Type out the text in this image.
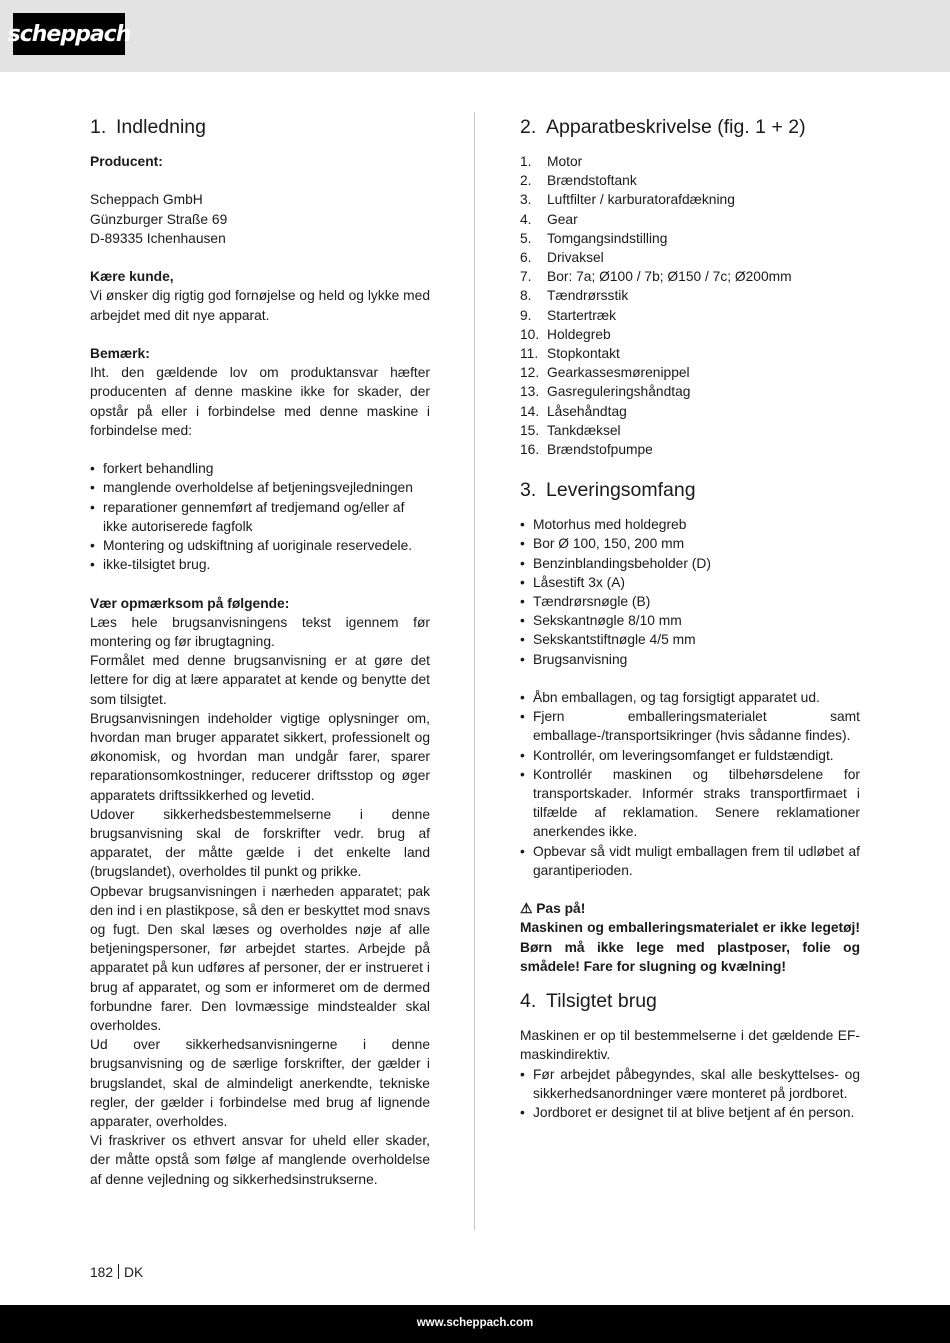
scheppach
1. Indledning

Producent:

Scheppach GmbH

Günzburger Straße 69

D-89335 Ichenhausen

Kære kunde,

Vi ønsker dig rigtig god fornøjelse og held og lykke med arbejdet med dit nye apparat.

Bemærk:

Iht. den gældende lov om produktansvar hæfter producenten af denne maskine ikke for skader, der opstår på eller i forbindelse med denne maskine i forbindelse med:

• forkert behandling
• manglende overholdelse af betjeningsvejledningen
• reparationer gennemført af tredjemand og/eller af ikke autoriserede fagfolk
• Montering og udskiftning af uoriginale reservedele.
• ikke-tilsigtet brug.

Vær opmærksom på følgende:

Læs hele brugsanvisningens tekst igennem før montering og før ibrugtagning.

Formålet med denne brugsanvisning er at gøre det lettere for dig at lære apparatet at kende og benytte det som tilsigtet.

Brugsanvisningen indeholder vigtige oplysninger om, hvordan man bruger apparatet sikkert, professionelt og økonomisk, og hvordan man undgår farer, sparer reparationsomkostninger, reducerer driftsstop og øger apparatets driftssikkerhed og levetid.

Udover sikkerhedsbestemmelserne i denne brugsanvisning skal de forskrifter vedr. brug af apparatet, der måtte gælde i det enkelte land (brugslandet), overholdes til punkt og prikke.

Opbevar brugsanvisningen i nærheden apparatet; pak den ind i en plastikpose, så den er beskyttet mod snavs og fugt. Den skal læses og overholdes nøje af alle betjeningspersoner, før arbejdet startes. Arbejde på apparatet på kun udføres af personer, der er instrueret i brug af apparatet, og som er informeret om de dermed forbundne farer. Den lovmæssige mindstealder skal overholdes.

Ud over sikkerhedsanvisningerne i denne brugsanvisning og de særlige forskrifter, der gælder i brugslandet, skal de almindeligt anerkendte, tekniske regler, der gælder i forbindelse med brug af lignende apparater, overholdes.

Vi fraskriver os ethvert ansvar for uheld eller skader, der måtte opstå som følge af manglende overholdelse af denne vejledning og sikkerhedsinstrukserne.

2. Apparatbeskrivelse (fig. 1 + 2)
1. Motor
2. Brændstoftank
3. Luftfilter / karburatorafdækning
4. Gear
5. Tomgangsindstilling
6. Drivaksel
7. Bor: 7a; Ø100 / 7b; Ø150 / 7c; Ø200mm
8. Tændrørsstik
9. Startertræk
10. Holdegreb
11. Stopkontakt
12. Gearkassesmørenippel
13. Gasreguleringshåndtag
14. Låsehåndtag
15. Tankdæksel
16. Brændstofpumpe
3. Leveringsomfang
• Motorhus med holdegreb
• Bor Ø 100, 150, 200 mm
• Benzinblandingsbeholder (D)
• Låsestift 3x (A)
• Tændrørsnøgle (B)
• Sekskantnøgle 8/10 mm
• Sekskantstiftnøgle 4/5 mm
• Brugsanvisning
• Åbn emballagen, og tag forsigtigt apparatet ud.
• Fjern emballeringsmaterialet samt emballage-/transportsikringer (hvis sådanne findes).
• Kontrollér, om leveringsomfanget er fuldstændigt.
• Kontrollér maskinen og tilbehørsdelene for transportskader. Informér straks transportfirmaet i tilfælde af reklamation. Senere reklamationer anerkendes ikke.
• Opbevar så vidt muligt emballagen frem til udløbet af garantiperioden.

⚠ Pas på!

Maskinen og emballeringsmaterialet er ikke legetøj! Børn må ikke lege med plastposer, folie og smådele! Fare for slugning og kvælning!

4. Tilsigtet brug

Maskinen er op til bestemmelserne i det gældende EF-maskindirektiv.

• Før arbejdet påbegyndes, skal alle beskyttelses- og sikkerhedsanordninger være monteret på jordboret.
• Jordboret er designet til at blive betjent af én person.
182 DK
www.scheppach.com
